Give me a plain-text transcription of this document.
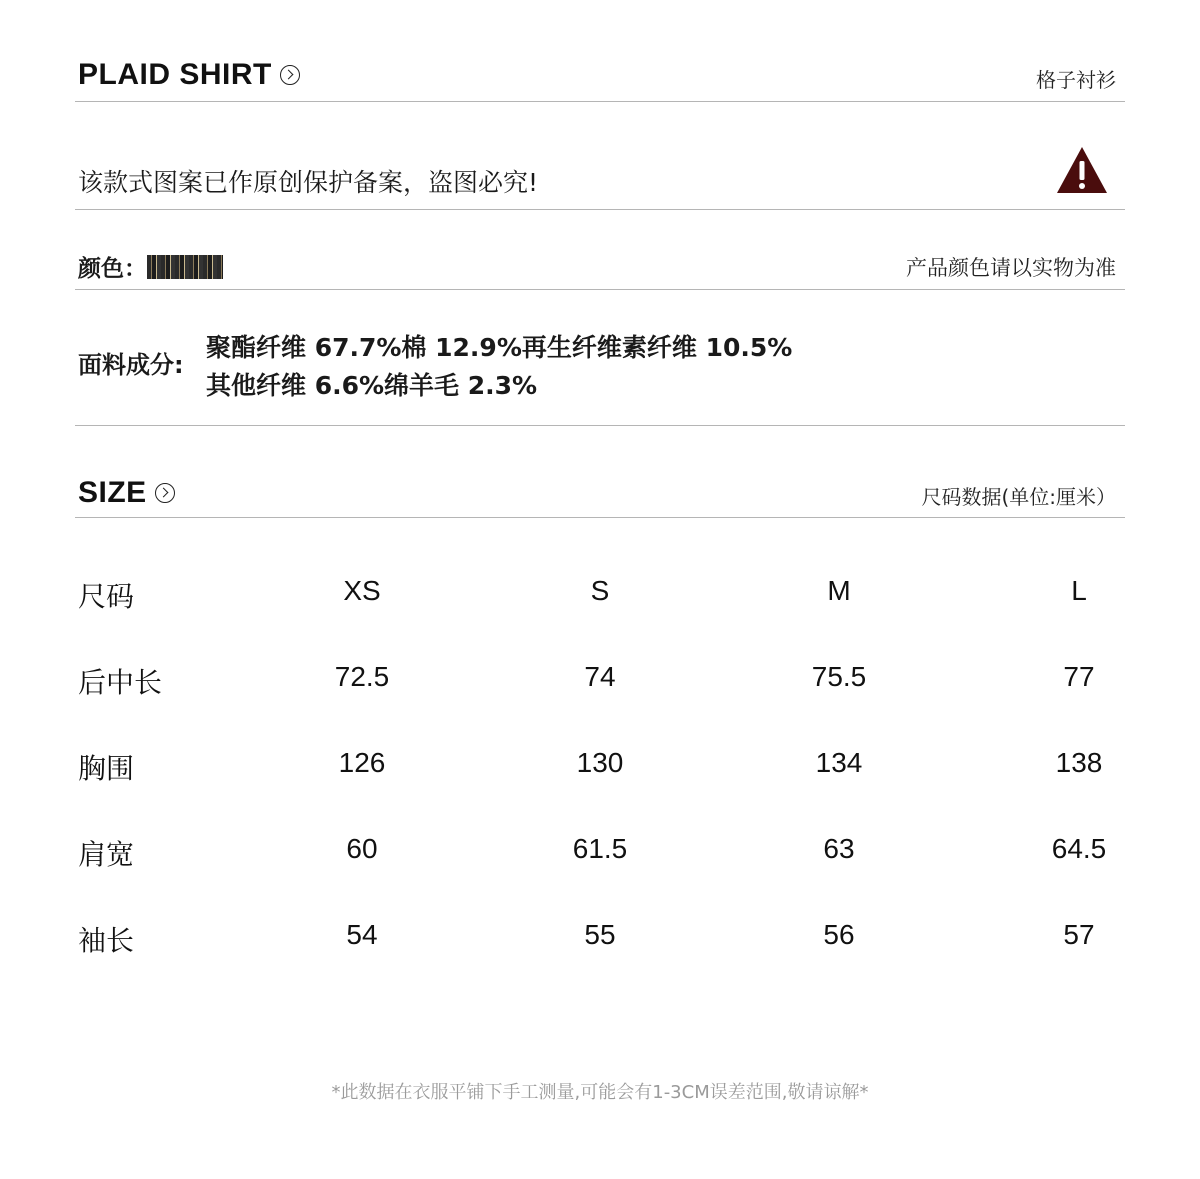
PLAID SHIRT	格子衬衫
该款式图案已作原创保护备案，盗图必究!
颜色：	产品颜色请以实物为准
面料成分:
聚酯纤维 67.7%棉 12.9%再生纤维素纤维 10.5%
其他纤维 6.6%绵羊毛 2.3%
SIZE	尺码数据(单位:厘米）
尺码	XS	S	M	L
后中长	72.5	74	75.5	77
胸围	126	130	134	138
肩宽	60	61.5	63	64.5
袖长	54	55	56	57
*此数据在衣服平铺下手工测量,可能会有1-3CM误差范围,敬请谅解*
